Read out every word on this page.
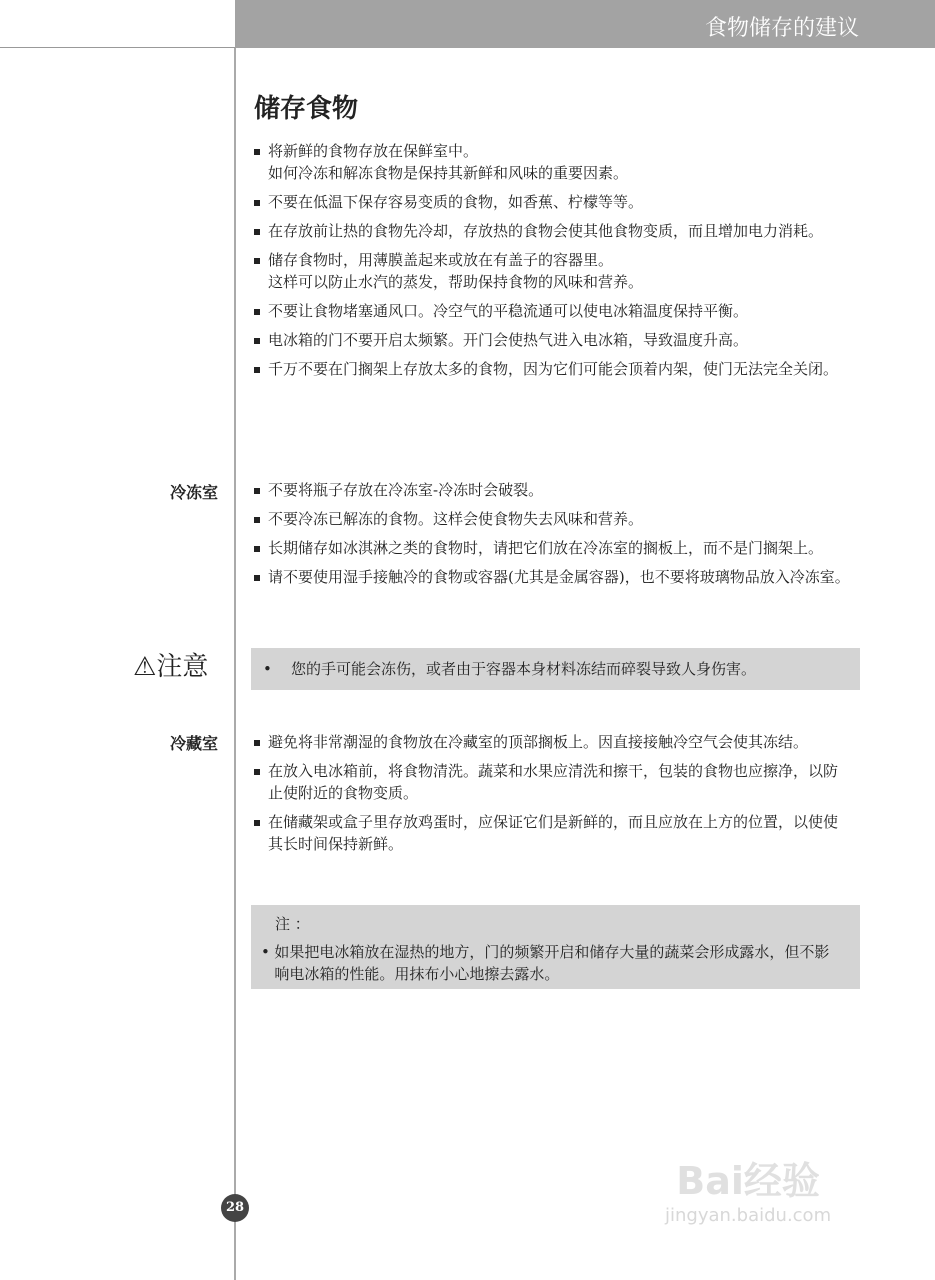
食物储存的建议
储存食物
将新鲜的食物存放在保鲜室中。
如何冷冻和解冻食物是保持其新鲜和风味的重要因素。
不要在低温下保存容易变质的食物，如香蕉、柠檬等等。
在存放前让热的食物先冷却，存放热的食物会使其他食物变质，而且增加电力消耗。
储存食物时，用薄膜盖起来或放在有盖子的容器里。
这样可以防止水汽的蒸发，帮助保持食物的风味和营养。
不要让食物堵塞通风口。冷空气的平稳流通可以使电冰箱温度保持平衡。
电冰箱的门不要开启太频繁。开门会使热气进入电冰箱，导致温度升高。
千万不要在门搁架上存放太多的食物，因为它们可能会顶着内架，使门无法完全关闭。
冷冻室	不要将瓶子存放在冷冻室-冷冻时会破裂。
不要冷冻已解冻的食物。这样会使食物失去风味和营养。
长期储存如冰淇淋之类的食物时，请把它们放在冷冻室的搁板上，而不是门搁架上。
请不要使用湿手接触冷的食物或容器(尤其是金属容器)，也不要将玻璃物品放入冷冻室。
⚠注意	• 您的手可能会冻伤，或者由于容器本身材料冻结而碎裂导致人身伤害。
冷藏室	避免将非常潮湿的食物放在冷藏室的顶部搁板上。因直接接触冷空气会使其冻结。
在放入电冰箱前，将食物清洗。蔬菜和水果应清洗和擦干，包装的食物也应擦净，以防止使附近的食物变质。
在储藏架或盒子里存放鸡蛋时，应保证它们是新鲜的，而且应放在上方的位置，以使使其长时间保持新鲜。
注 ：
• 如果把电冰箱放在湿热的地方，门的频繁开启和储存大量的蔬菜会形成露水，但不影响电冰箱的性能。用抹布小心地擦去露水。
28
Bai经验
jingyan.baidu.com
